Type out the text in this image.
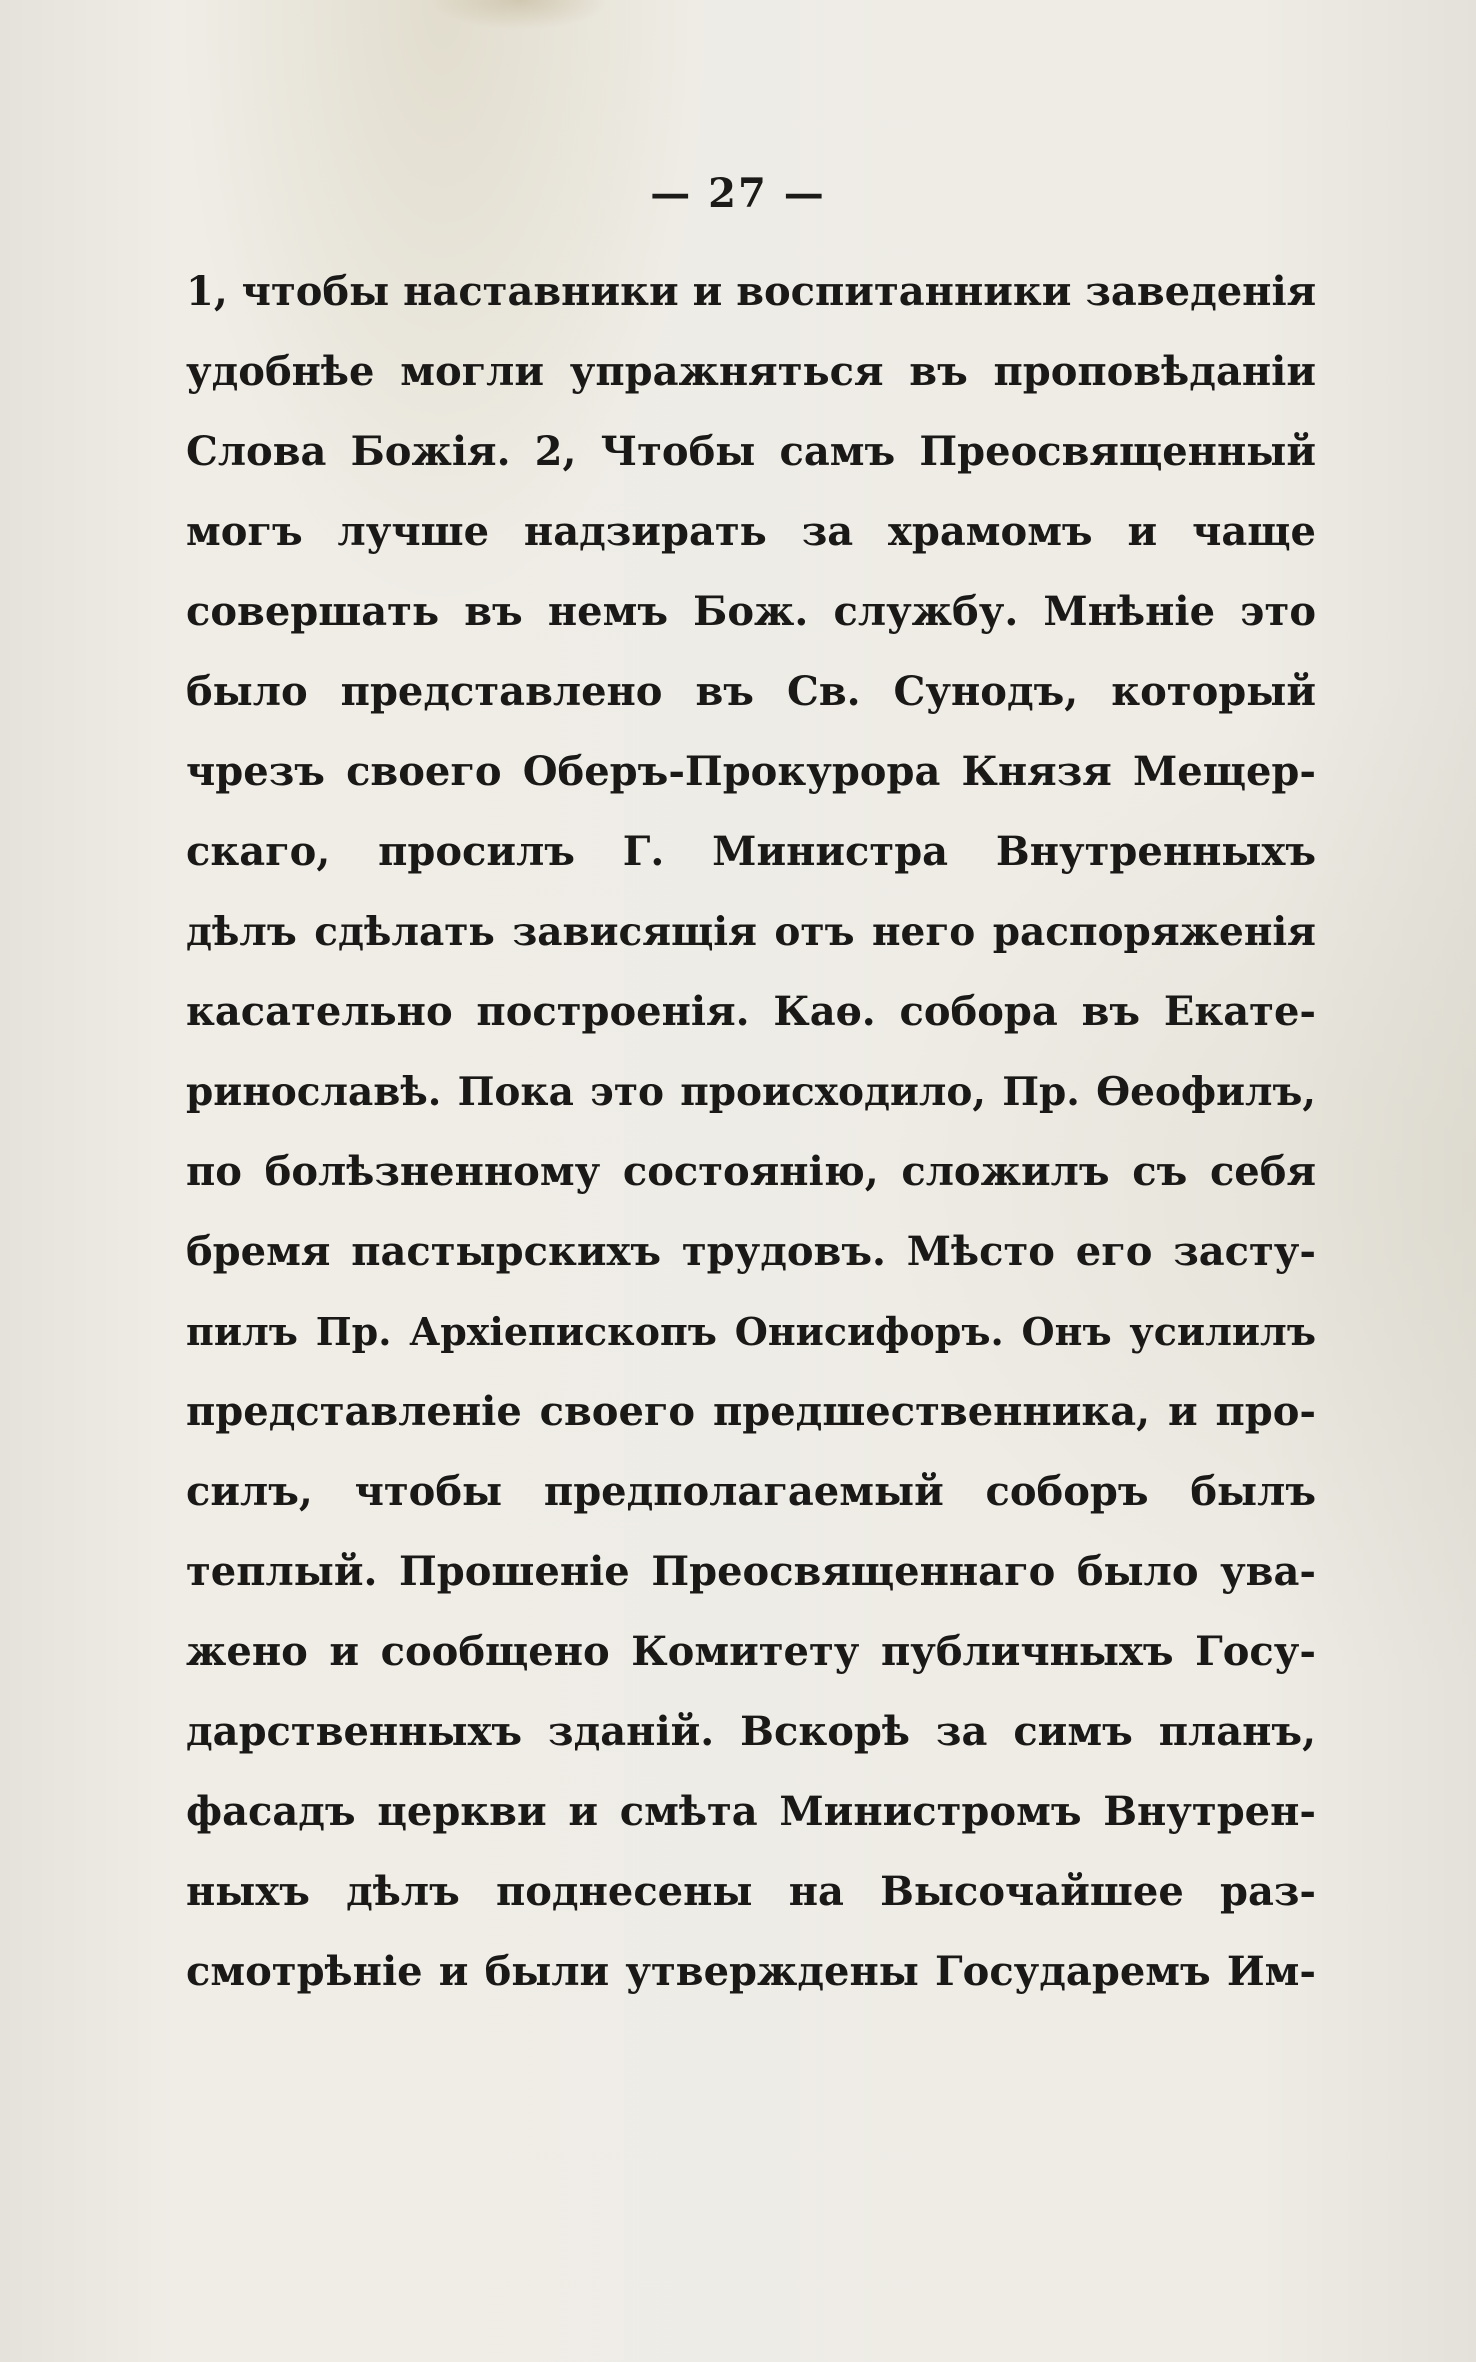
— 27 —
1, чтобы наставники и воспитанники заведенія
удобнѣе могли упражняться въ проповѣданіи
Слова Божія. 2, Чтобы самъ Преосвященный
могъ лучше надзирать за храмомъ и чаще
совершать въ немъ Бож. службу. Мнѣніе это
было представлено въ Св. Сунодъ, который
чрезъ своего Оберъ-Прокурора Князя Мещер-
скаго, просилъ Г. Министра Внутренныхъ
дѣлъ сдѣлать зависящія отъ него распоряженія
касательно построенія. Каѳ. собора въ Екате-
ринославѣ. Пока это происходило, Пр. Ѳеофилъ,
по болѣзненному состоянію, сложилъ съ себя
бремя пастырскихъ трудовъ. Мѣсто его засту-
пилъ Пр. Архіепископъ Онисифоръ. Онъ усилилъ
представленіе своего предшественника, и про-
силъ, чтобы предполагаемый соборъ былъ
теплый. Прошеніе Преосвященнаго было ува-
жено и сообщено Комитету публичныхъ Госу-
дарственныхъ зданій. Вскорѣ за симъ планъ,
фасадъ церкви и смѣта Министромъ Внутрен-
ныхъ дѣлъ поднесены на Высочайшее раз-
смотрѣніе и были утверждены Государемъ Им-
